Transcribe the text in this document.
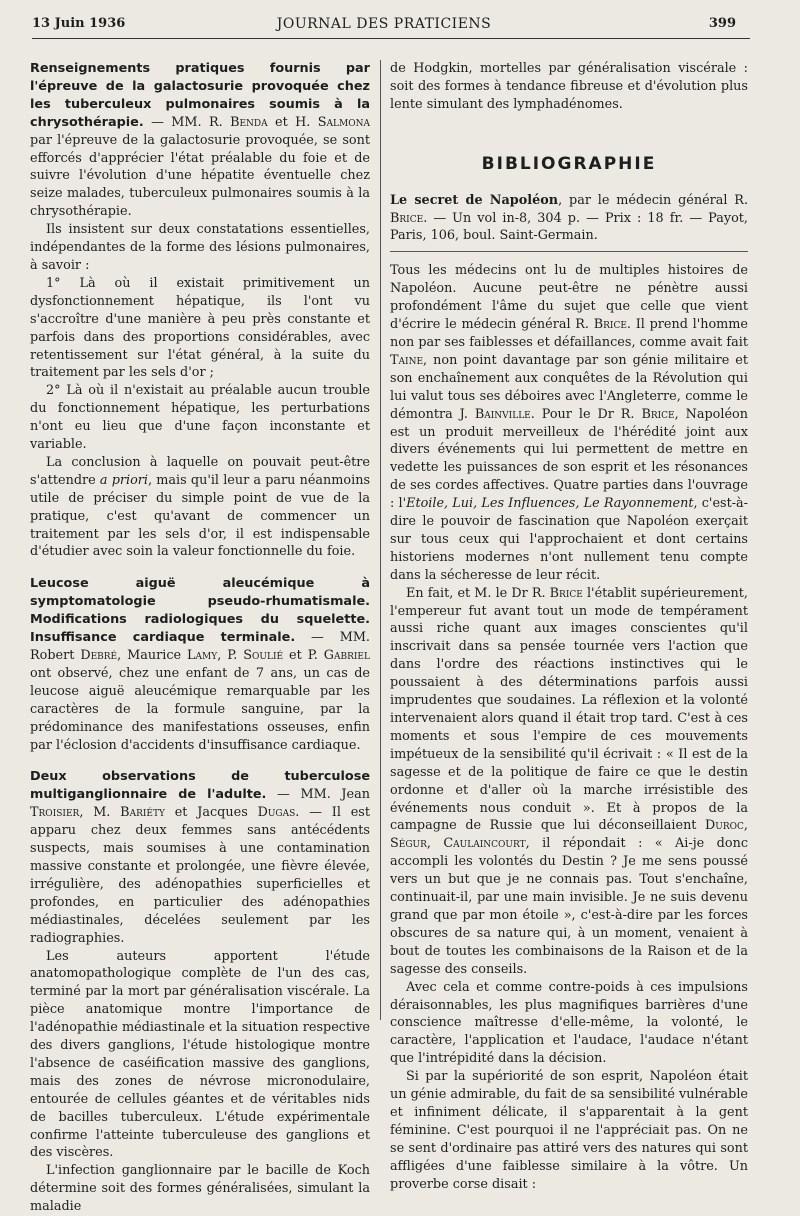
13 Juin 1936	JOURNAL DES PRATICIENS	399

Renseignements pratiques fournis par l'épreuve de la galactosurie provoquée chez les tuberculeux pulmonaires soumis à la chrysothérapie. — MM. R. Benda et H. Salmona par l'épreuve de la galactosurie provoquée, se sont efforcés d'apprécier l'état préalable du foie et de suivre l'évolution d'une hépatite éventuelle chez seize malades, tuberculeux pulmonaires soumis à la chrysothérapie.

Ils insistent sur deux constatations essentielles, indépendantes de la forme des lésions pulmonaires, à savoir :

1° Là où il existait primitivement un dysfonctionnement hépatique, ils l'ont vu s'accroître d'une manière à peu près constante et parfois dans des proportions considérables, avec retentissement sur l'état général, à la suite du traitement par les sels d'or ;

2° Là où il n'existait au préalable aucun trouble du fonctionnement hépatique, les perturbations n'ont eu lieu que d'une façon inconstante et variable.

La conclusion à laquelle on pouvait peut-être s'attendre a priori, mais qu'il leur a paru néanmoins utile de préciser du simple point de vue de la pratique, c'est qu'avant de commencer un traitement par les sels d'or, il est indispensable d'étudier avec soin la valeur fonctionnelle du foie.

Leucose aiguë aleucémique à symptomatologie pseudo-rhumatismale. Modifications radiologiques du squelette. Insuffisance cardiaque terminale. — MM. Robert Debré, Maurice Lamy, P. Soulié et P. Gabriel ont observé, chez une enfant de 7 ans, un cas de leucose aiguë aleucémique remarquable par les caractères de la formule sanguine, par la prédominance des manifestations osseuses, enfin par l'éclosion d'accidents d'insuffisance cardiaque.

Deux observations de tuberculose multiganglionnaire de l'adulte. — MM. Jean Troisier, M. Bariéty et Jacques Dugas. — Il est apparu chez deux femmes sans antécédents suspects, mais soumises à une contamination massive constante et prolongée, une fièvre élevée, irrégulière, des adénopathies superficielles et profondes, en particulier des adénopathies médiastinales, décelées seulement par les radiographies.

Les auteurs apportent l'étude anatomopathologique complète de l'un des cas, terminé par la mort par généralisation viscérale. La pièce anatomique montre l'importance de l'adénopathie médiastinale et la situation respective des divers ganglions, l'étude histologique montre l'absence de caséification massive des ganglions, mais des zones de névrose micronodulaire, entourée de cellules géantes et de véritables nids de bacilles tuberculeux. L'étude expérimentale confirme l'atteinte tuberculeuse des ganglions et des viscères.

L'infection ganglionnaire par le bacille de Koch détermine soit des formes généralisées, simulant la maladie

de Hodgkin, mortelles par généralisation viscérale : soit des formes à tendance fibreuse et d'évolution plus lente simulant des lymphadénomes.

BIBLIOGRAPHIE

Le secret de Napoléon, par le médecin général R. Brice. — Un vol in-8, 304 p. — Prix : 18 fr. — Payot, Paris, 106, boul. Saint-Germain.

Tous les médecins ont lu de multiples histoires de Napoléon. Aucune peut-être ne pénètre aussi profondément l'âme du sujet que celle que vient d'écrire le médecin général R. Brice. Il prend l'homme non par ses faiblesses et défaillances, comme avait fait Taine, non point davantage par son génie militaire et son enchaînement aux conquêtes de la Révolution qui lui valut tous ses déboires avec l'Angleterre, comme le démontra J. Bainville. Pour le Dr R. Brice, Napoléon est un produit merveilleux de l'hérédité joint aux divers événements qui lui permettent de mettre en vedette les puissances de son esprit et les résonances de ses cordes affectives. Quatre parties dans l'ouvrage : l'Etoile, Lui, Les Influences, Le Rayonnement, c'est-à-dire le pouvoir de fascination que Napoléon exerçait sur tous ceux qui l'approchaient et dont certains historiens modernes n'ont nullement tenu compte dans la sécheresse de leur récit.

En fait, et M. le Dr R. Brice l'établit supérieurement, l'empereur fut avant tout un mode de tempérament aussi riche quant aux images conscientes qu'il inscrivait dans sa pensée tournée vers l'action que dans l'ordre des réactions instinctives qui le poussaient à des déterminations parfois aussi imprudentes que soudaines. La réflexion et la volonté intervenaient alors quand il était trop tard. C'est à ces moments et sous l'empire de ces mouvements impétueux de la sensibilité qu'il écrivait : « Il est de la sagesse et de la politique de faire ce que le destin ordonne et d'aller où la marche irrésistible des événements nous conduit ». Et à propos de la campagne de Russie que lui déconseillaient Duroc, Ségur, Caulaincourt, il répondait : « Ai-je donc accompli les volontés du Destin ? Je me sens poussé vers un but que je ne connais pas. Tout s'enchaîne, continuait-il, par une main invisible. Je ne suis devenu grand que par mon étoile », c'est-à-dire par les forces obscures de sa nature qui, à un moment, venaient à bout de toutes les combinaisons de la Raison et de la sagesse des conseils.

Avec cela et comme contre-poids à ces impulsions déraisonnables, les plus magnifiques barrières d'une conscience maîtresse d'elle-même, la volonté, le caractère, l'application et l'audace, l'audace n'étant que l'intrépidité dans la décision.

Si par la supériorité de son esprit, Napoléon était un génie admirable, du fait de sa sensibilité vulnérable et infiniment délicate, il s'apparentait à la gent féminine. C'est pourquoi il ne l'appréciait pas. On ne se sent d'ordinaire pas attiré vers des natures qui sont affligées d'une faiblesse similaire à la vôtre. Un proverbe corse disait :
